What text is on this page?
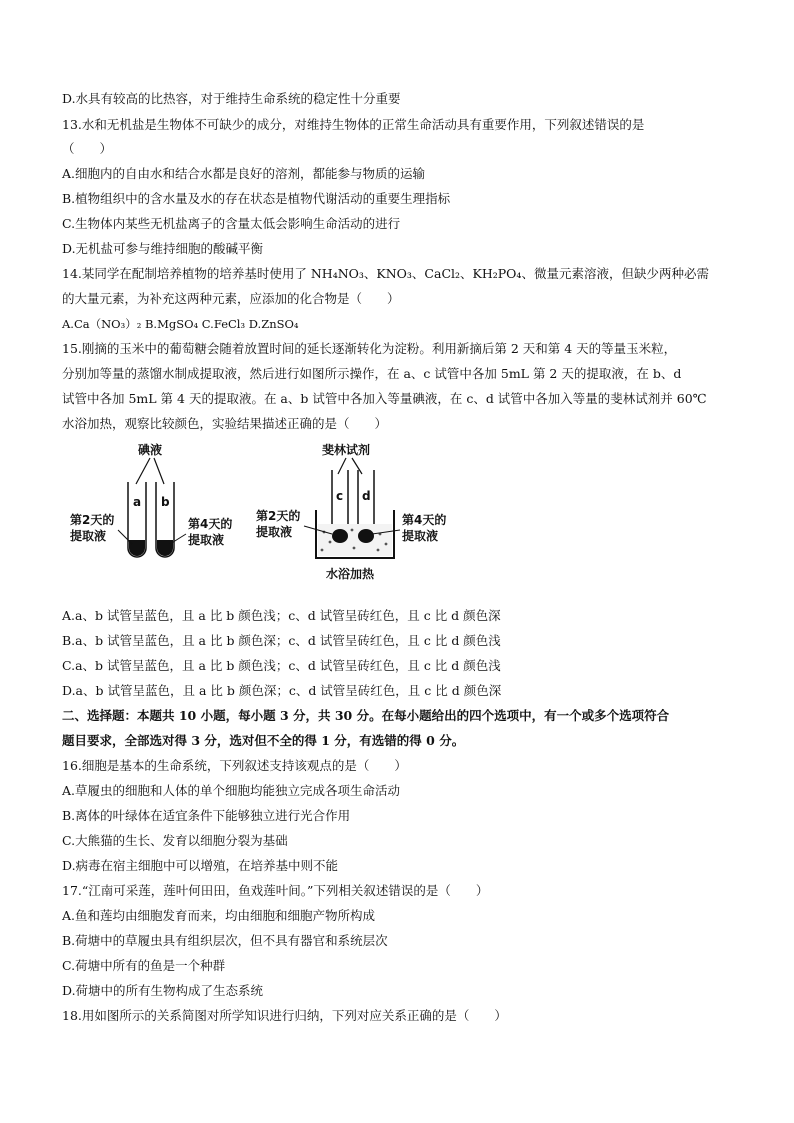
D.水具有较高的比热容，对于维持生命系统的稳定性十分重要
13.水和无机盐是生物体不可缺少的成分，对维持生物体的正常生命活动具有重要作用，下列叙述错误的是
（　　）
A.细胞内的自由水和结合水都是良好的溶剂，都能参与物质的运输
B.植物组织中的含水量及水的存在状态是植物代谢活动的重要生理指标
C.生物体内某些无机盐离子的含量太低会影响生命活动的进行
D.无机盐可参与维持细胞的酸碱平衡
14.某同学在配制培养植物的培养基时使用了 NH₄NO₃、KNO₃、CaCl₂、KH₂PO₄、微量元素溶液，但缺少两种必需
的大量元素，为补充这两种元素，应添加的化合物是（　　）
A.Ca（NO₃）₂ B.MgSO₄ C.FeCl₃ D.ZnSO₄
15.刚摘的玉米中的葡萄糖会随着放置时间的延长逐渐转化为淀粉。利用新摘后第 2 天和第 4 天的等量玉米粒，
分别加等量的蒸馏水制成提取液，然后进行如图所示操作，在 a、c 试管中各加 5mL 第 2 天的提取液，在 b、d
试管中各加 5mL 第 4 天的提取液。在 a、b 试管中各加入等量碘液，在 c、d 试管中各加入等量的斐林试剂并 60℃
水浴加热，观察比较颜色，实验结果描述正确的是（　　）
碘液
a b
第2天的
提取液
第4天的
提取液
斐林试剂
c d
第2天的
提取液
第4天的
提取液
水浴加热
A.a、b 试管呈蓝色，且 a 比 b 颜色浅；c、d 试管呈砖红色，且 c 比 d 颜色深
B.a、b 试管呈蓝色，且 a 比 b 颜色深；c、d 试管呈砖红色，且 c 比 d 颜色浅
C.a、b 试管呈蓝色，且 a 比 b 颜色浅；c、d 试管呈砖红色，且 c 比 d 颜色浅
D.a、b 试管呈蓝色，且 a 比 b 颜色深；c、d 试管呈砖红色，且 c 比 d 颜色深
二、选择题：本题共 10 小题，每小题 3 分，共 30 分。在每小题给出的四个选项中，有一个或多个选项符合
题目要求，全部选对得 3 分，选对但不全的得 1 分，有选错的得 0 分。
16.细胞是基本的生命系统，下列叙述支持该观点的是（　　）
A.草履虫的细胞和人体的单个细胞均能独立完成各项生命活动
B.离体的叶绿体在适宜条件下能够独立进行光合作用
C.大熊猫的生长、发育以细胞分裂为基础
D.病毒在宿主细胞中可以增殖，在培养基中则不能
17.“江南可采莲，莲叶何田田，鱼戏莲叶间。”下列相关叙述错误的是（　　）
A.鱼和莲均由细胞发育而来，均由细胞和细胞产物所构成
B.荷塘中的草履虫具有组织层次，但不具有器官和系统层次
C.荷塘中所有的鱼是一个种群
D.荷塘中的所有生物构成了生态系统
18.用如图所示的关系简图对所学知识进行归纳，下列对应关系正确的是（　　）
